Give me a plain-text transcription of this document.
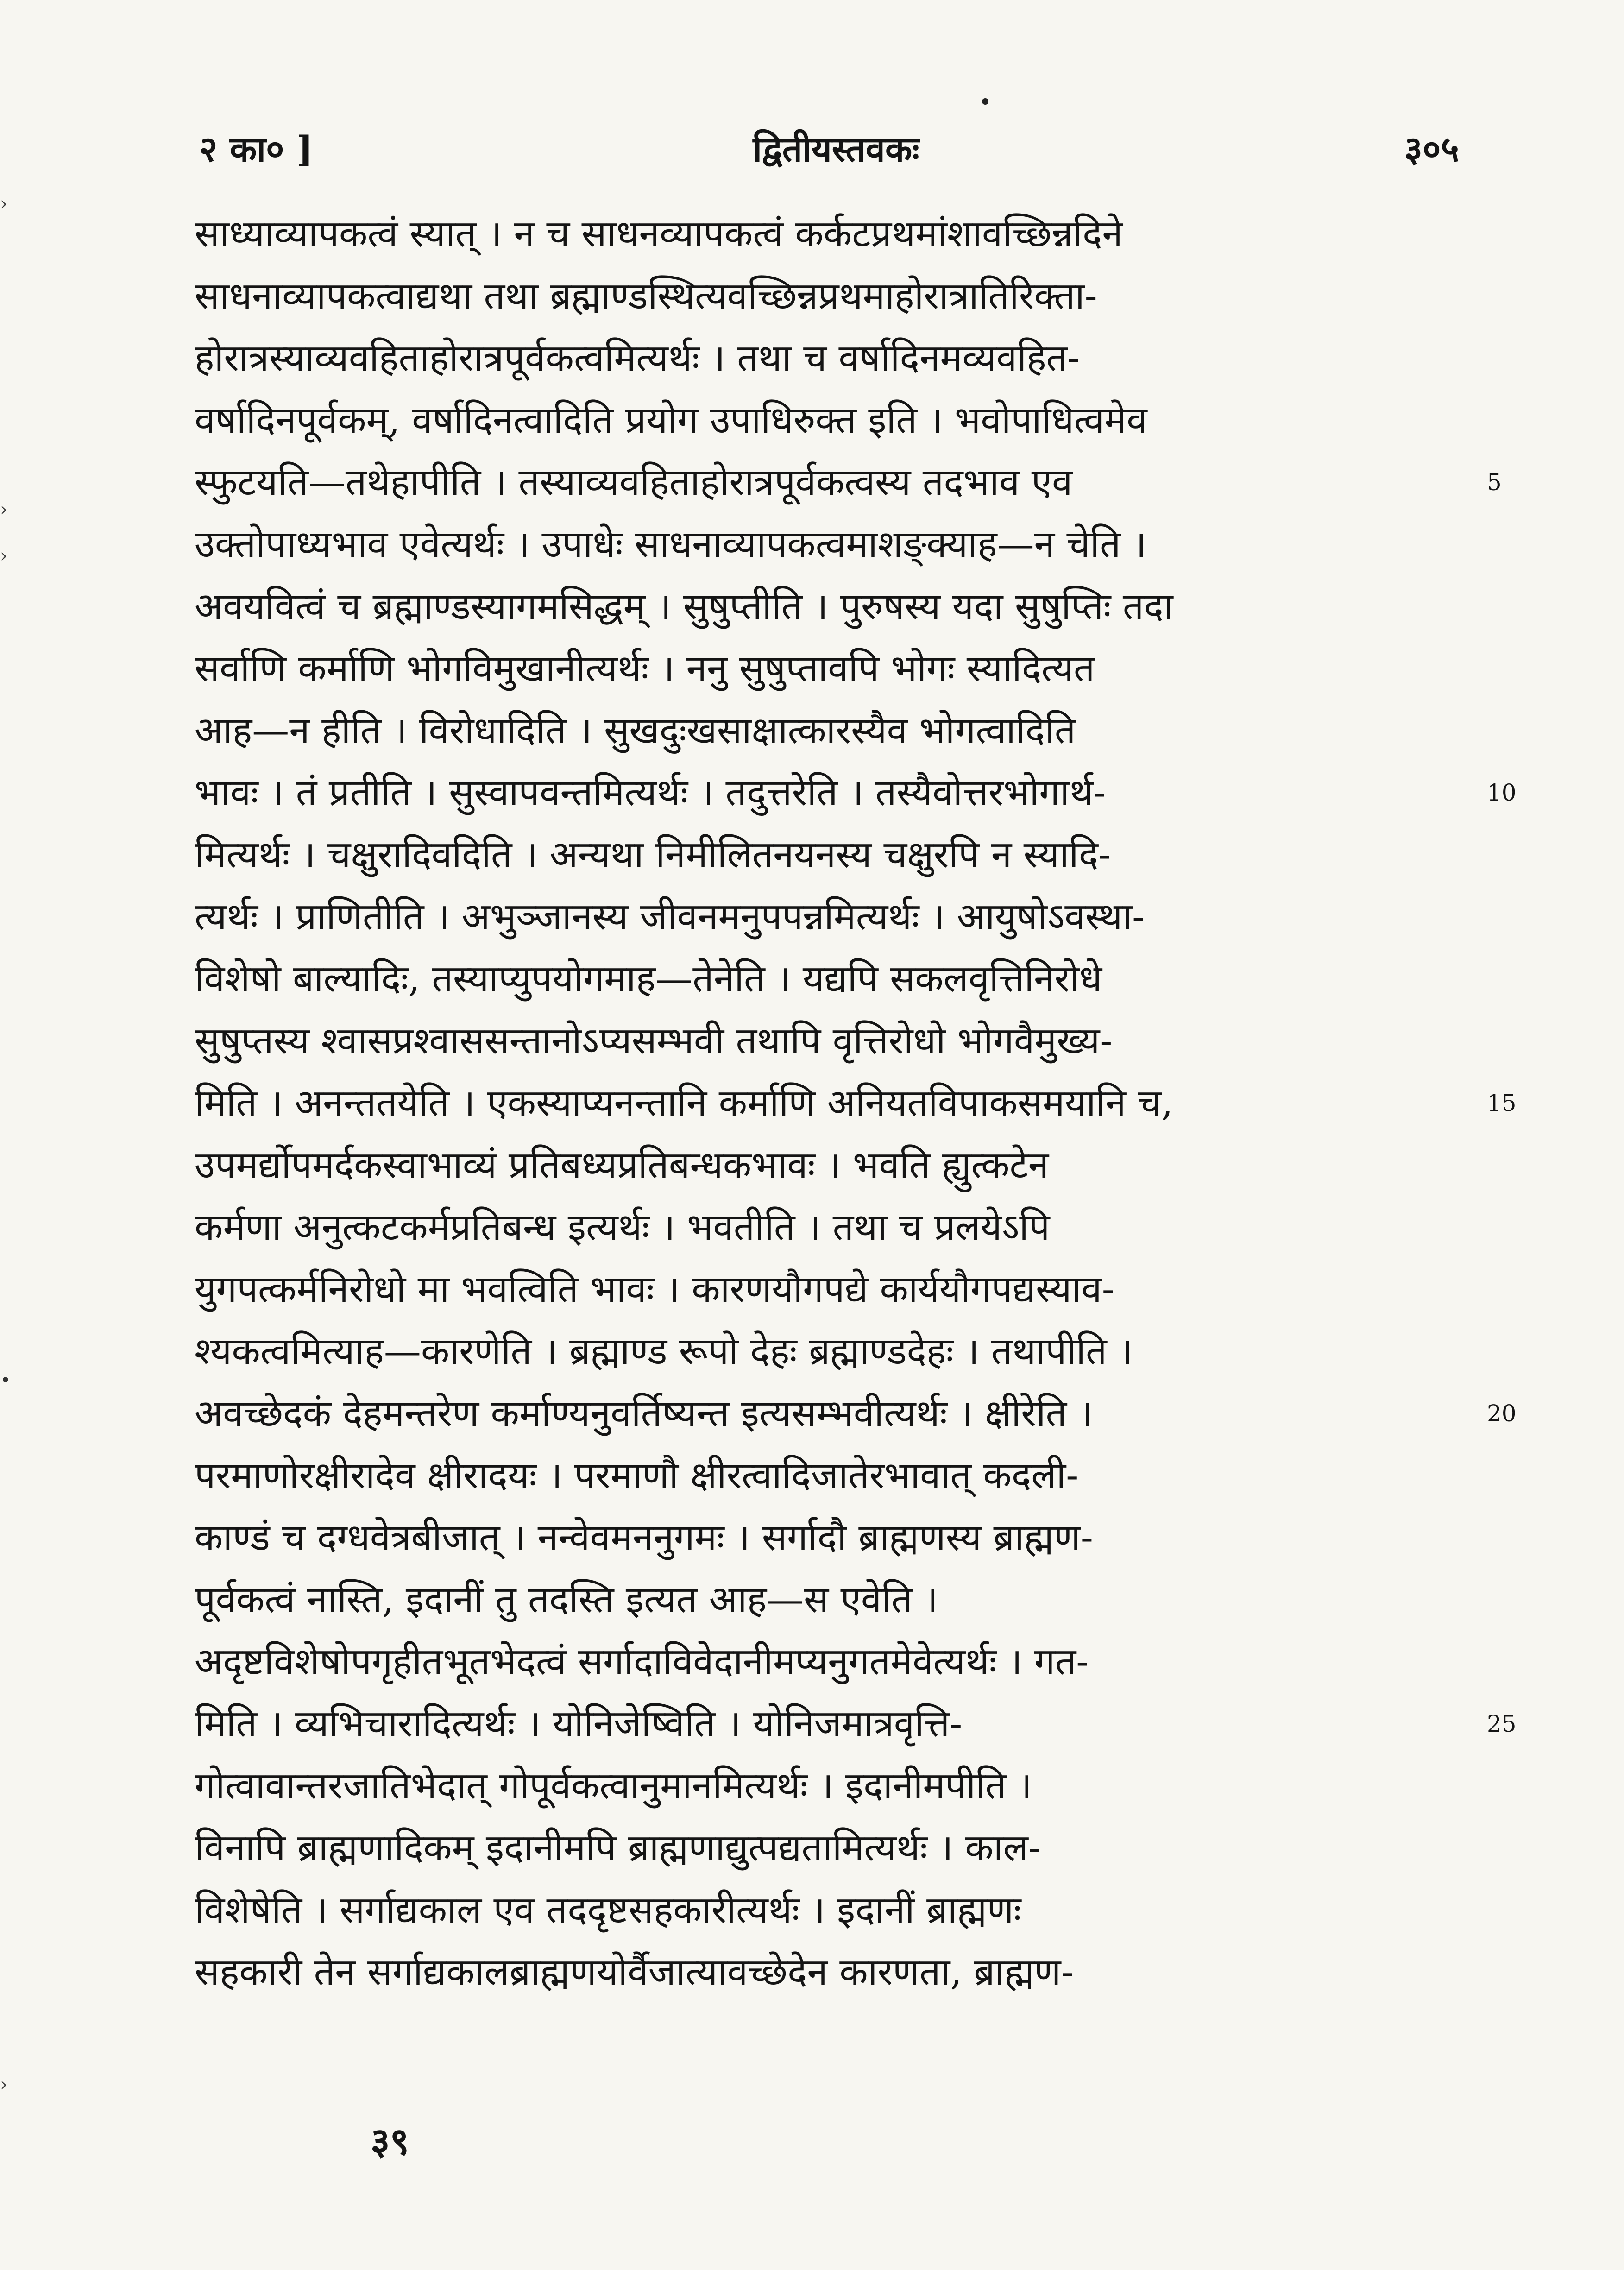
›
›
›
•
›
२ का० ]	द्वितीयस्तवकः	३०५
साध्याव्यापकत्वं स्यात् । न च साधनव्यापकत्वं कर्कटप्रथमांशावच्छिन्नदिने
साधनाव्यापकत्वाद्यथा तथा ब्रह्माण्डस्थित्यवच्छिन्नप्रथमाहोरात्रातिरिक्ता-
होरात्रस्याव्यवहिताहोरात्रपूर्वकत्वमित्यर्थः । तथा च वर्षादिनमव्यवहित-
वर्षादिनपूर्वकम्, वर्षादिनत्वादिति प्रयोग उपाधिरुक्त इति । भवोपाधित्वमेव
स्फुटयति—तथेहापीति । तस्याव्यवहिताहोरात्रपूर्वकत्वस्य तदभाव एव
उक्तोपाध्यभाव एवेत्यर्थः । उपाधेः साधनाव्यापकत्वमाशङ्क्याह—न चेति ।
अवयवित्वं च ब्रह्माण्डस्यागमसिद्धम् । सुषुप्तीति । पुरुषस्य यदा सुषुप्तिः तदा
सर्वाणि कर्माणि भोगविमुखानीत्यर्थः । ननु सुषुप्तावपि भोगः स्यादित्यत
आह—न हीति । विरोधादिति । सुखदुःखसाक्षात्कारस्यैव भोगत्वादिति
भावः । तं प्रतीति । सुस्वापवन्तमित्यर्थः । तदुत्तरेति । तस्यैवोत्तरभोगार्थ-
मित्यर्थः । चक्षुरादिवदिति । अन्यथा निमीलितनयनस्य चक्षुरपि न स्यादि-
त्यर्थः । प्राणितीति । अभुञ्जानस्य जीवनमनुपपन्नमित्यर्थः । आयुषोऽवस्था-
विशेषो बाल्यादिः, तस्याप्युपयोगमाह—तेनेति । यद्यपि सकलवृत्तिनिरोधे
सुषुप्तस्य श्वासप्रश्वाससन्तानोऽप्यसम्भवी तथापि वृत्तिरोधो भोगवैमुख्य-
मिति । अनन्ततयेति । एकस्याप्यनन्तानि कर्माणि अनियतविपाकसमयानि च,
उपमर्द्योपमर्दकस्वाभाव्यं प्रतिबध्यप्रतिबन्धकभावः । भवति ह्युत्कटेन
कर्मणा अनुत्कटकर्मप्रतिबन्ध इत्यर्थः । भवतीति । तथा च प्रलयेऽपि
युगपत्कर्मनिरोधो मा भवत्विति भावः । कारणयौगपद्ये कार्ययौगपद्यस्याव-
श्यकत्वमित्याह—कारणेति । ब्रह्माण्ड रूपो देहः ब्रह्माण्डदेहः । तथापीति ।
अवच्छेदकं देहमन्तरेण कर्माण्यनुवर्तिष्यन्त इत्यसम्भवीत्यर्थः । क्षीरेति ।
परमाणोरक्षीरादेव क्षीरादयः । परमाणौ क्षीरत्वादिजातेरभावात् कदली-
काण्डं च दग्धवेत्रबीजात् । नन्वेवमननुगमः । सर्गादौ ब्राह्मणस्य ब्राह्मण-
पूर्वकत्वं नास्ति, इदानीं तु तदस्ति इत्यत आह—स एवेति ।
अदृष्टविशेषोपगृहीतभूतभेदत्वं सर्गादाविवेदानीमप्यनुगतमेवेत्यर्थः । गत-
मिति । व्यभिचारादित्यर्थः । योनिजेष्विति । योनिजमात्रवृत्ति-
गोत्वावान्तरजातिभेदात् गोपूर्वकत्वानुमानमित्यर्थः । इदानीमपीति ।
विनापि ब्राह्मणादिकम् इदानीमपि ब्राह्मणाद्युत्पद्यतामित्यर्थः । काल-
विशेषेति । सर्गाद्यकाल एव तददृष्टसहकारीत्यर्थः । इदानीं ब्राह्मणः
सहकारी तेन सर्गाद्यकालब्राह्मणयोर्वैजात्यावच्छेदेन कारणता, ब्राह्मण-
5
10
15
20
25
३९
